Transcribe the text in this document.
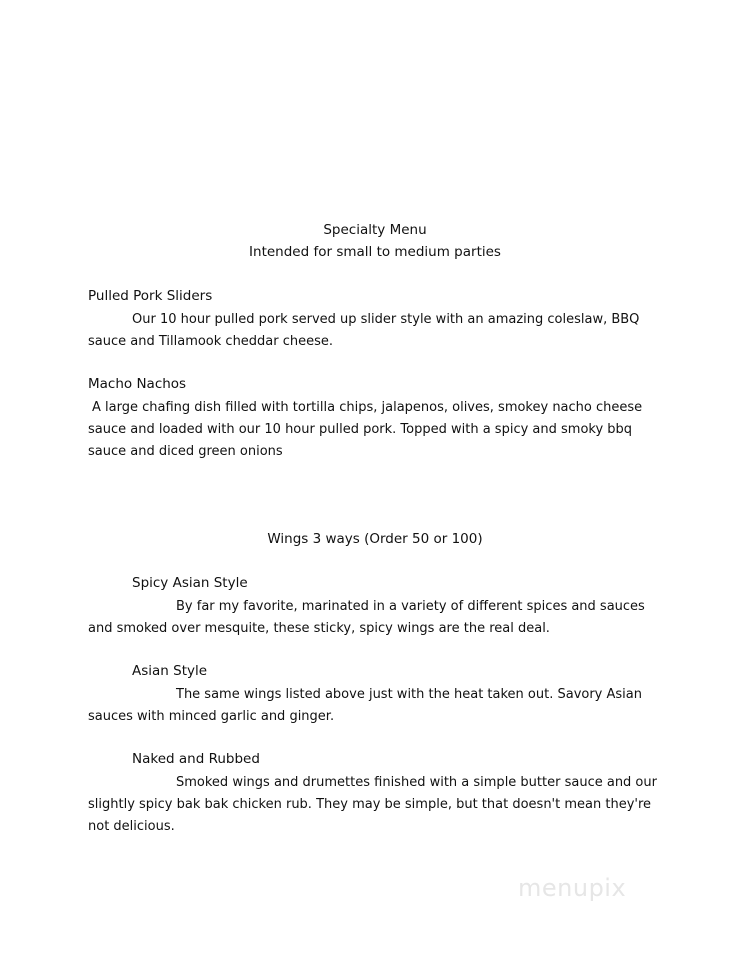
Specialty Menu
Intended for small to medium parties
Pulled Pork Sliders
Our 10 hour pulled pork served up slider style with an amazing coleslaw, BBQ sauce and Tillamook cheddar cheese.
Macho Nachos
A large chafing dish filled with tortilla chips, jalapenos, olives, smokey nacho cheese sauce and loaded with our 10 hour pulled pork. Topped with a spicy and smoky bbq sauce and diced green onions
Wings 3 ways (Order 50 or 100)
Spicy Asian Style
By far my favorite, marinated in a variety of different spices and sauces and smoked over mesquite, these sticky, spicy wings are the real deal.
Asian Style
The same wings listed above just with the heat taken out. Savory Asian sauces with minced garlic and ginger.
Naked and Rubbed
Smoked wings and drumettes finished with a simple butter sauce and our slightly spicy bak bak chicken rub. They may be simple, but that doesn't mean they're not delicious.
menupix
